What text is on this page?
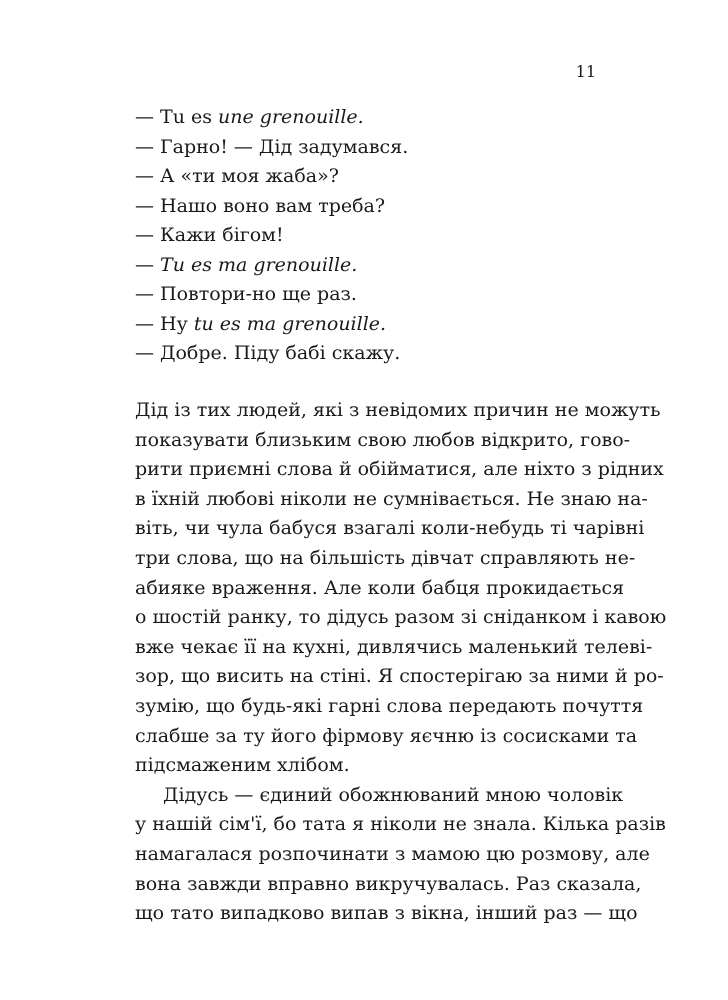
11
— Tu es une grenouille.
— Гарно! — Дід задумався.
— А «ти моя жаба»?
— Нашо воно вам треба?
— Кажи бігом!
— Tu es ma grenouille.
— Повтори-но ще раз.
— Ну tu es ma grenouille.
— Добре. Піду бабі скажу.
Дід із тих людей, які з невідомих причин не можуть
показувати близьким свою любов відкрито, гово-
рити приємні слова й обійматися, але ніхто з рідних
в їхній любові ніколи не сумнівається. Не знаю на-
віть, чи чула бабуся взагалі коли-небудь ті чарівні
три слова, що на більшість дівчат справляють не-
абияке враження. Але коли бабця прокидається
о шостій ранку, то дідусь разом зі сніданком і кавою
вже чекає її на кухні, дивлячись маленький телеві-
зор, що висить на стіні. Я спостерігаю за ними й ро-
зумію, що будь-які гарні слова передають почуття
слабше за ту його фірмову яєчню із сосисками та
підсмаженим хлібом.
Дідусь — єдиний обожнюваний мною чоловік
у нашій сім'ї, бо тата я ніколи не знала. Кілька разів
намагалася розпочинати з мамою цю розмову, але
вона завжди вправно викручувалась. Раз сказала,
що тато випадково випав з вікна, інший раз — що
